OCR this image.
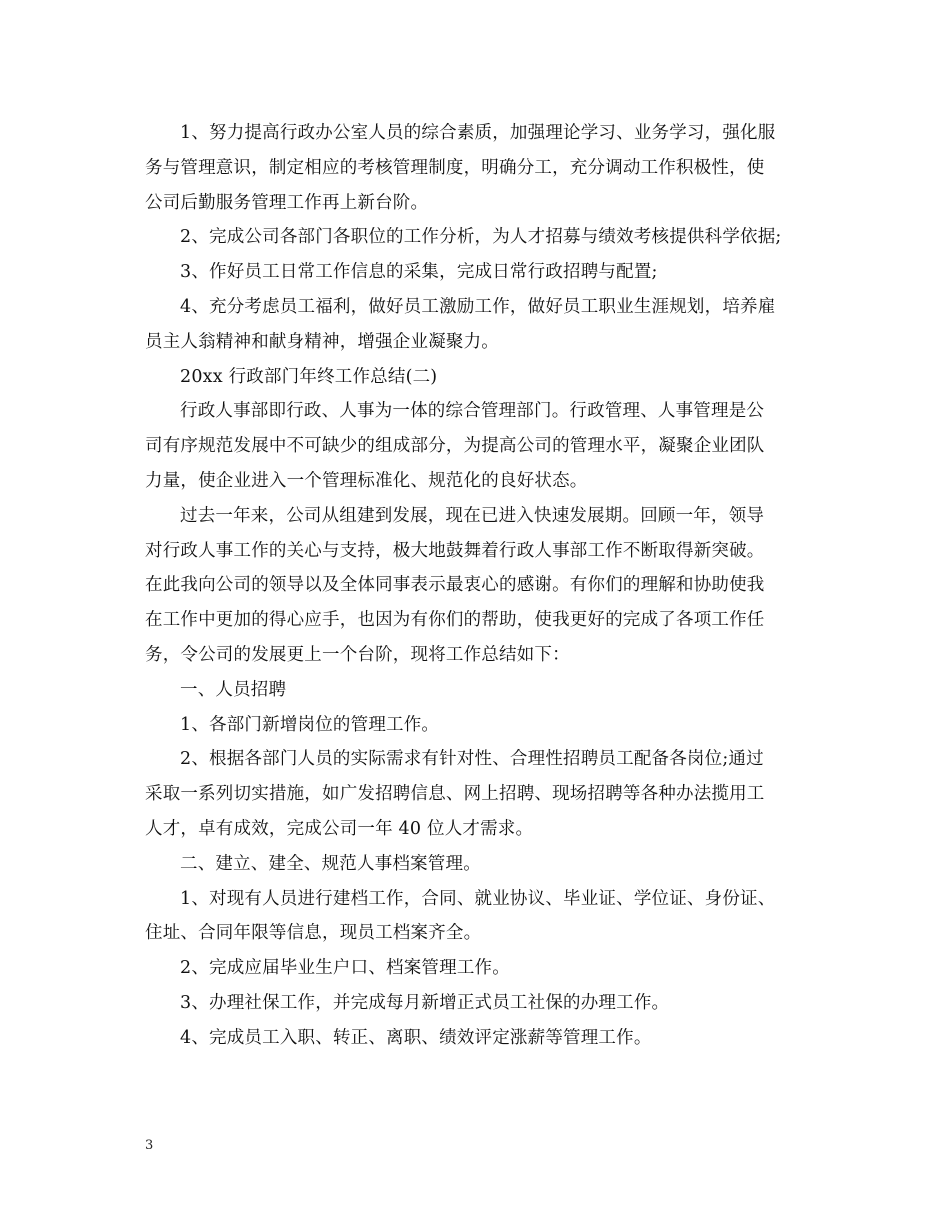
1、努力提高行政办公室人员的综合素质，加强理论学习、业务学习，强化服
务与管理意识，制定相应的考核管理制度，明确分工，充分调动工作积极性，使
公司后勤服务管理工作再上新台阶。

2、完成公司各部门各职位的工作分析，为人才招募与绩效考核提供科学依据;

3、作好员工日常工作信息的采集，完成日常行政招聘与配置;

4、充分考虑员工福利，做好员工激励工作，做好员工职业生涯规划，培养雇
员主人翁精神和献身精神，增强企业凝聚力。

20xx 行政部门年终工作总结(二)

行政人事部即行政、人事为一体的综合管理部门。行政管理、人事管理是公
司有序规范发展中不可缺少的组成部分，为提高公司的管理水平，凝聚企业团队
力量，使企业进入一个管理标准化、规范化的良好状态。

过去一年来，公司从组建到发展，现在已进入快速发展期。回顾一年，领导
对行政人事工作的关心与支持，极大地鼓舞着行政人事部工作不断取得新突破。
在此我向公司的领导以及全体同事表示最衷心的感谢。有你们的理解和协助使我
在工作中更加的得心应手，也因为有你们的帮助，使我更好的完成了各项工作任
务，令公司的发展更上一个台阶，现将工作总结如下：

一、人员招聘

1、各部门新增岗位的管理工作。

2、根据各部门人员的实际需求有针对性、合理性招聘员工配备各岗位;通过
采取一系列切实措施，如广发招聘信息、网上招聘、现场招聘等各种办法揽用工
人才，卓有成效，完成公司一年 40 位人才需求。

二、建立、建全、规范人事档案管理。

1、对现有人员进行建档工作，合同、就业协议、毕业证、学位证、身份证、
住址、合同年限等信息，现员工档案齐全。

2、完成应届毕业生户口、档案管理工作。

3、办理社保工作，并完成每月新增正式员工社保的办理工作。

4、完成员工入职、转正、离职、绩效评定涨薪等管理工作。

3
